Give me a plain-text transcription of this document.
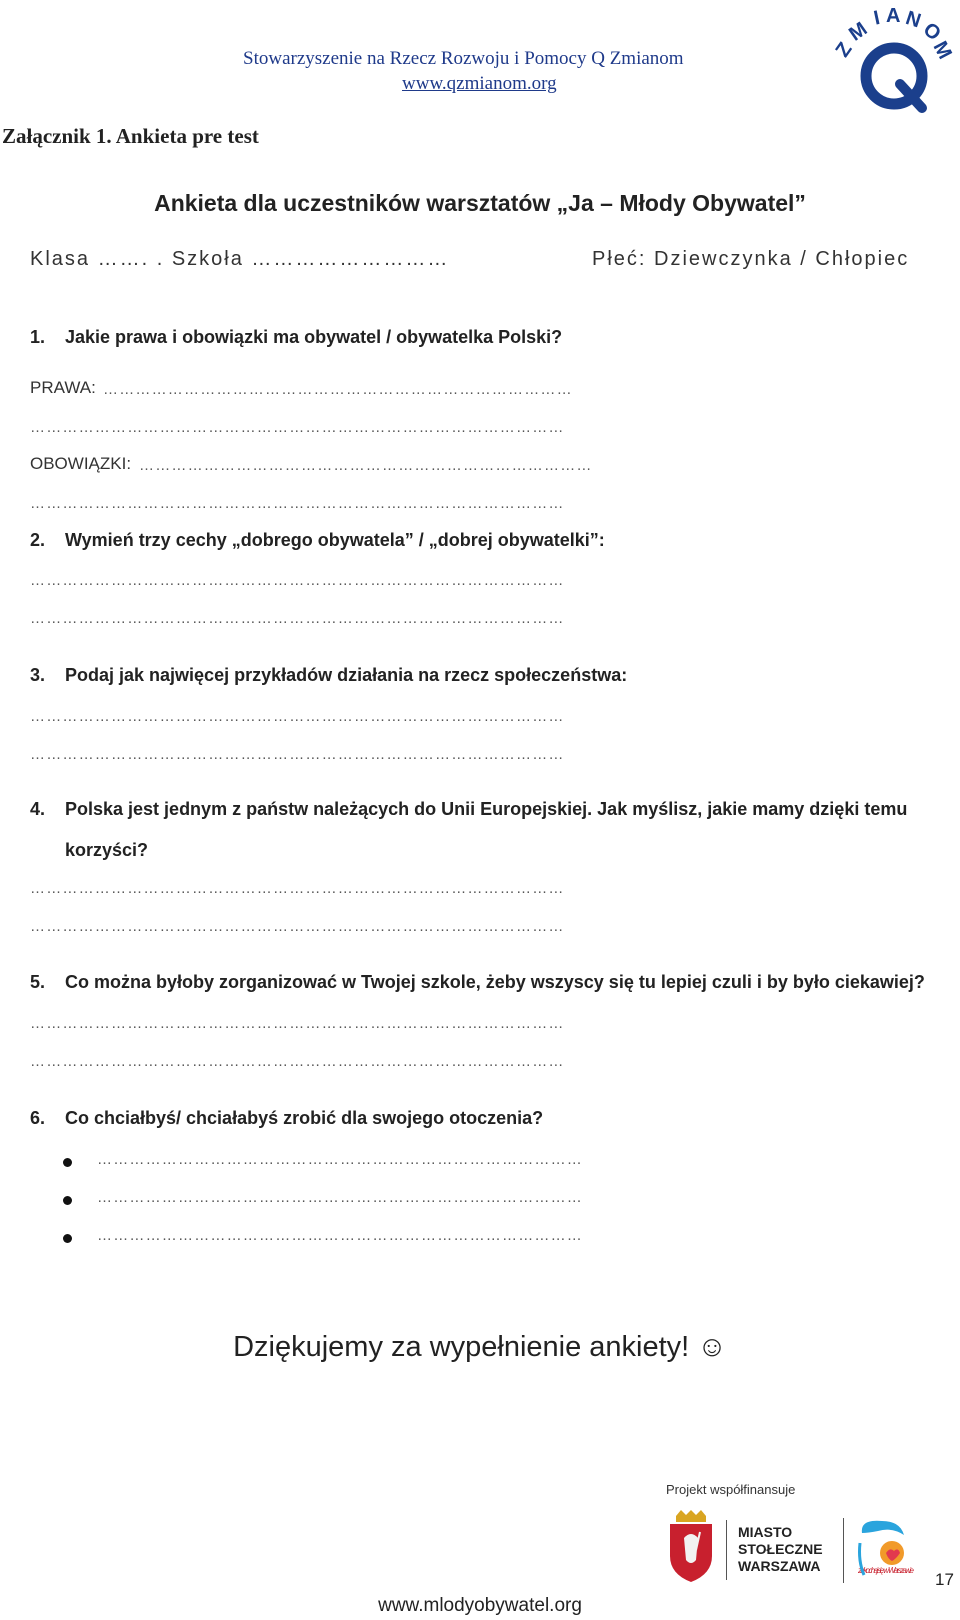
Stowarzyszenie na Rzecz Rozwoju i Pomocy Q Zmianom
www.qzmianom.org
Z
M I A N
O
M
Załącznik 1. Ankieta pre test
Ankieta dla uczestników warsztatów „Ja – Młody Obywatel”
Klasa ……. . Szkoła ………………………	Płeć: Dziewczynka / Chłopiec
1. Jakie prawa i obowiązki ma obywatel / obywatelka Polski?
PRAWA: ……………………………………………………………………………
………………………………………………………………………………………
OBOWIĄZKI: …………………………………………………………………………
………………………………………………………………………………………
2. Wymień trzy cechy „dobrego obywatela” / „dobrej obywatelki”:
………………………………………………………………………………………
………………………………………………………………………………………
3. Podaj jak najwięcej przykładów działania na rzecz społeczeństwa:
………………………………………………………………………………………
………………………………………………………………………………………
4. Polska jest jednym z państw należących do Unii Europejskiej. Jak myślisz, jakie mamy dzięki temu
korzyści?
………………………………………………………………………………………
………………………………………………………………………………………
5. Co można byłoby zorganizować w Twojej szkole, żeby wszyscy się tu lepiej czuli i by było ciekawiej?
………………………………………………………………………………………
………………………………………………………………………………………
6. Co chciałbyś/ chciałabyś zrobić dla swojego otoczenia?
………………………………………………………………………………
………………………………………………………………………………
………………………………………………………………………………
Dziękujemy za wypełnienie ankiety! ☺
Projekt współfinansuje
MIASTO
STOŁECZNE
WARSZAWA	zakochaj się w Warszawie 17
www.mlodyobywatel.org
